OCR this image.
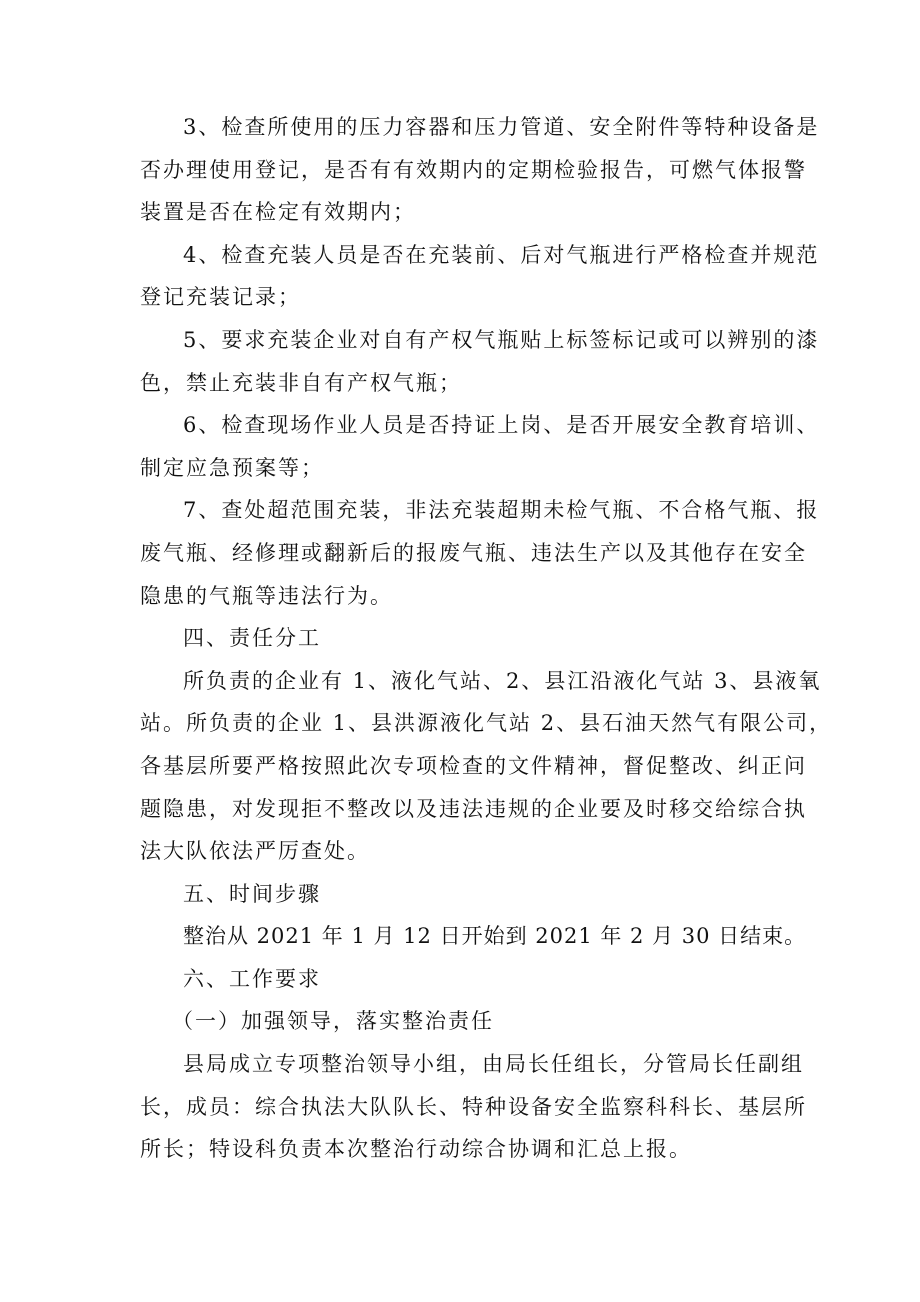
3、检查所使用的压力容器和压力管道、安全附件等特种设备是
否办理使用登记，是否有有效期内的定期检验报告，可燃气体报警
装置是否在检定有效期内；
4、检查充装人员是否在充装前、后对气瓶进行严格检查并规范
登记充装记录；
5、要求充装企业对自有产权气瓶贴上标签标记或可以辨别的漆
色，禁止充装非自有产权气瓶；
6、检查现场作业人员是否持证上岗、是否开展安全教育培训、
制定应急预案等；
7、查处超范围充装，非法充装超期未检气瓶、不合格气瓶、报
废气瓶、经修理或翻新后的报废气瓶、违法生产以及其他存在安全
隐患的气瓶等违法行为。

四、责任分工

所负责的企业有 1、液化气站、2、县江沿液化气站 3、县液氧
站。所负责的企业 1、县洪源液化气站 2、县石油天然气有限公司，
各基层所要严格按照此次专项检查的文件精神，督促整改、纠正问
题隐患，对发现拒不整改以及违法违规的企业要及时移交给综合执
法大队依法严厉查处。

五、时间步骤

整治从 2021 年 1 月 12 日开始到 2021 年 2 月 30 日结束。

六、工作要求

（一）加强领导，落实整治责任

县局成立专项整治领导小组，由局长任组长，分管局长任副组
长，成员：综合执法大队队长、特种设备安全监察科科长、基层所
所长；特设科负责本次整治行动综合协调和汇总上报。
